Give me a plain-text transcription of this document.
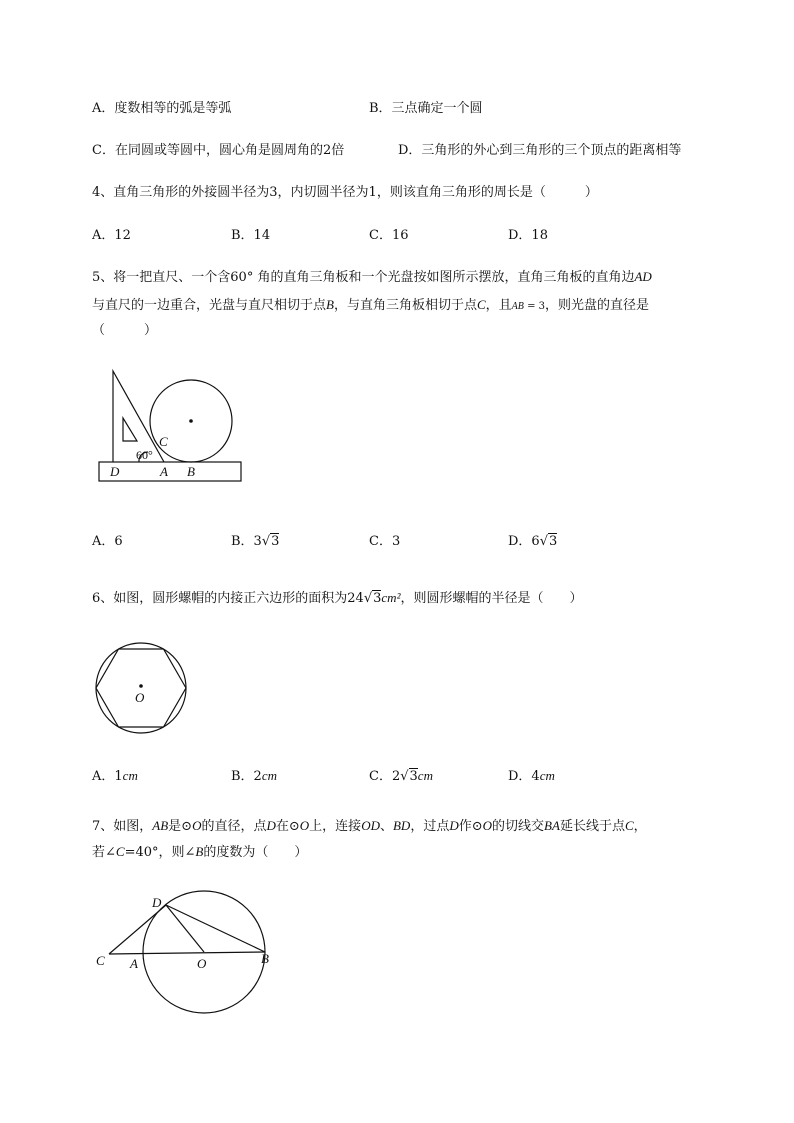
A．度数相等的弧是等弧	B．三点确定一个圆
C．在同圆或等圆中，圆心角是圆周角的2倍	D．三角形的外心到三角形的三个顶点的距离相等
4、直角三角形的外接圆半径为3，内切圆半径为1，则该直角三角形的周长是（　　　）
A．12	B．14	C．16	D．18
5、将一把直尺、一个含60° 角的直角三角板和一个光盘按如图所示摆放，直角三角板的直角边AD
与直尺的一边重合，光盘与直尺相切于点B，与直角三角板相切于点C，且AB = 3，则光盘的直径是
（　　　）
C
60°
D	A B
A．6	B．3√3	C．3	D．6√3
6、如图，圆形螺帽的内接正六边形的面积为24√3cm²，则圆形螺帽的半径是（　　）
O
A．1cm	B．2cm	C．2√3cm	D．4cm
7、如图，AB是⊙O的直径，点D在⊙O上，连接OD、BD，过点D作⊙O的切线交BA延长线于点C，
若∠C=40°，则∠B的度数为（　　）
D
C A	O	B
